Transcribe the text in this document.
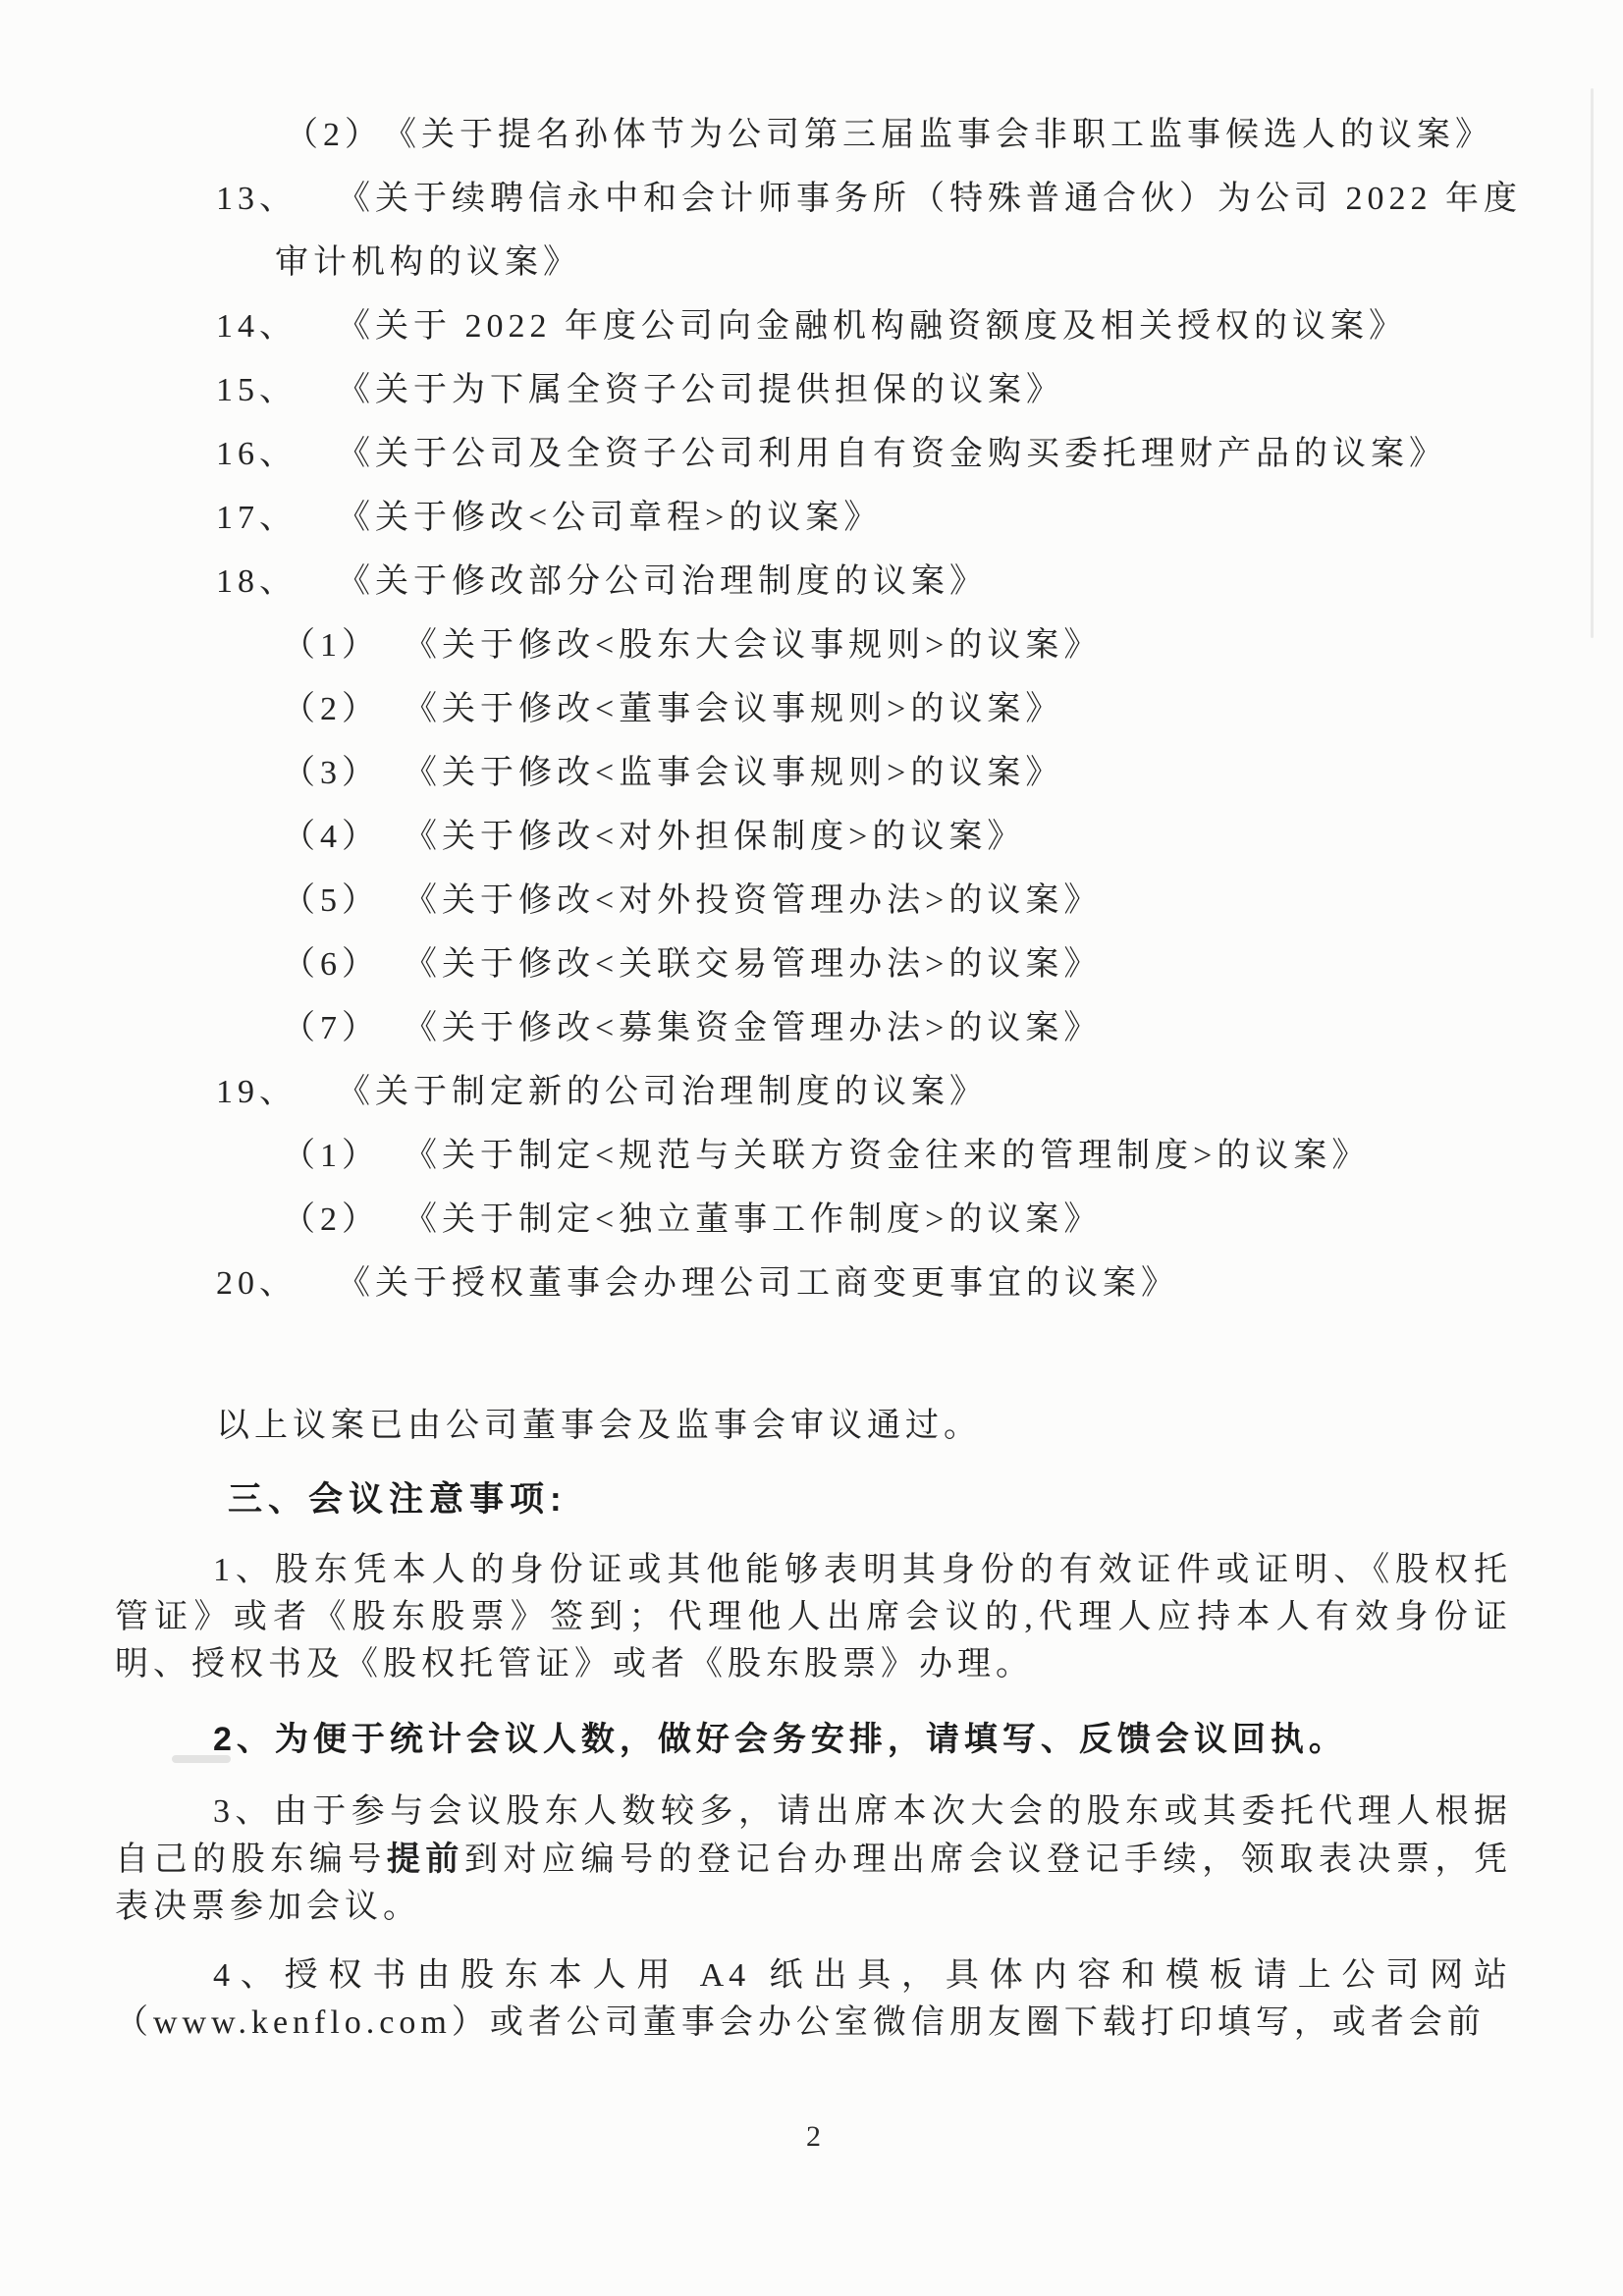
（2）《关于提名孙体节为公司第三届监事会非职工监事候选人的议案》
13、 《关于续聘信永中和会计师事务所（特殊普通合伙）为公司 2022 年度
审计机构的议案》
14、 《关于 2022 年度公司向金融机构融资额度及相关授权的议案》
15、 《关于为下属全资子公司提供担保的议案》
16、 《关于公司及全资子公司利用自有资金购买委托理财产品的议案》
17、 《关于修改<公司章程>的议案》
18、 《关于修改部分公司治理制度的议案》
（1） 《关于修改<股东大会议事规则>的议案》
（2） 《关于修改<董事会议事规则>的议案》
（3） 《关于修改<监事会议事规则>的议案》
（4） 《关于修改<对外担保制度>的议案》
（5） 《关于修改<对外投资管理办法>的议案》
（6） 《关于修改<关联交易管理办法>的议案》
（7） 《关于修改<募集资金管理办法>的议案》
19、 《关于制定新的公司治理制度的议案》
（1） 《关于制定<规范与关联方资金往来的管理制度>的议案》
（2） 《关于制定<独立董事工作制度>的议案》
20、 《关于授权董事会办理公司工商变更事宜的议案》
以上议案已由公司董事会及监事会审议通过。
三、会议注意事项:
1、股东凭本人的身份证或其他能够表明其身份的有效证件或证明、《股权托管证》或者《股东股票》签到；代理他人出席会议的,代理人应持本人有效身份证明、授权书及《股权托管证》或者《股东股票》办理。
2、为便于统计会议人数，做好会务安排，请填写、反馈会议回执。
3、由于参与会议股东人数较多，请出席本次大会的股东或其委托代理人根据自己的股东编号提前到对应编号的登记台办理出席会议登记手续，领取表决票，凭表决票参加会议。
4、授权书由股东本人用 A4 纸出具，具体内容和模板请上公司网站（www.kenflo.com）或者公司董事会办公室微信朋友圈下载打印填写，或者会前
2
